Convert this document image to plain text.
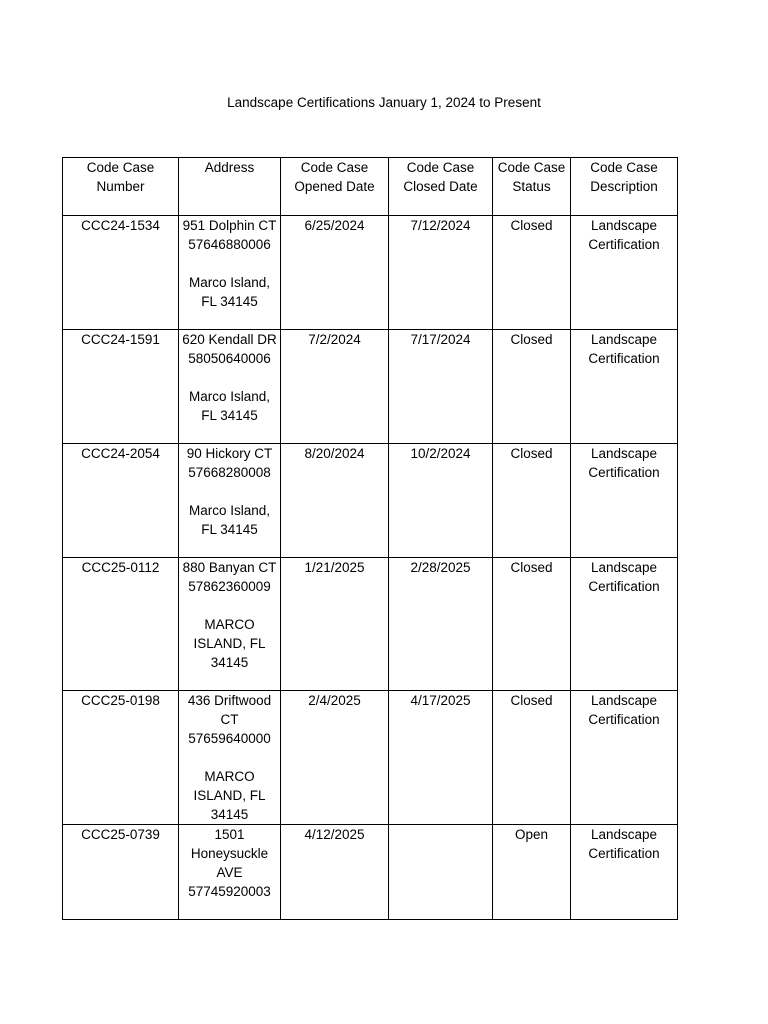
Landscape Certifications January 1, 2024 to Present
Code Case Number	Address	Code Case Opened Date	Code Case Closed Date	Code Case Status	Code Case Description
CCC24-1534	951 Dolphin CT
57646880006
Marco Island, FL 34145	6/25/2024	7/12/2024	Closed	Landscape Certification
CCC24-1591	620 Kendall DR
58050640006
Marco Island, FL 34145	7/2/2024	7/17/2024	Closed	Landscape Certification
CCC24-2054	90 Hickory CT
57668280008
Marco Island, FL 34145	8/20/2024	10/2/2024	Closed	Landscape Certification
CCC25-0112	880 Banyan CT
57862360009
MARCO ISLAND, FL 34145	1/21/2025	2/28/2025	Closed	Landscape Certification
CCC25-0198	436 Driftwood CT
57659640000
MARCO ISLAND, FL 34145	2/4/2025	4/17/2025	Closed	Landscape Certification
CCC25-0739	1501 Honeysuckle AVE
57745920003	4/12/2025		Open	Landscape Certification
